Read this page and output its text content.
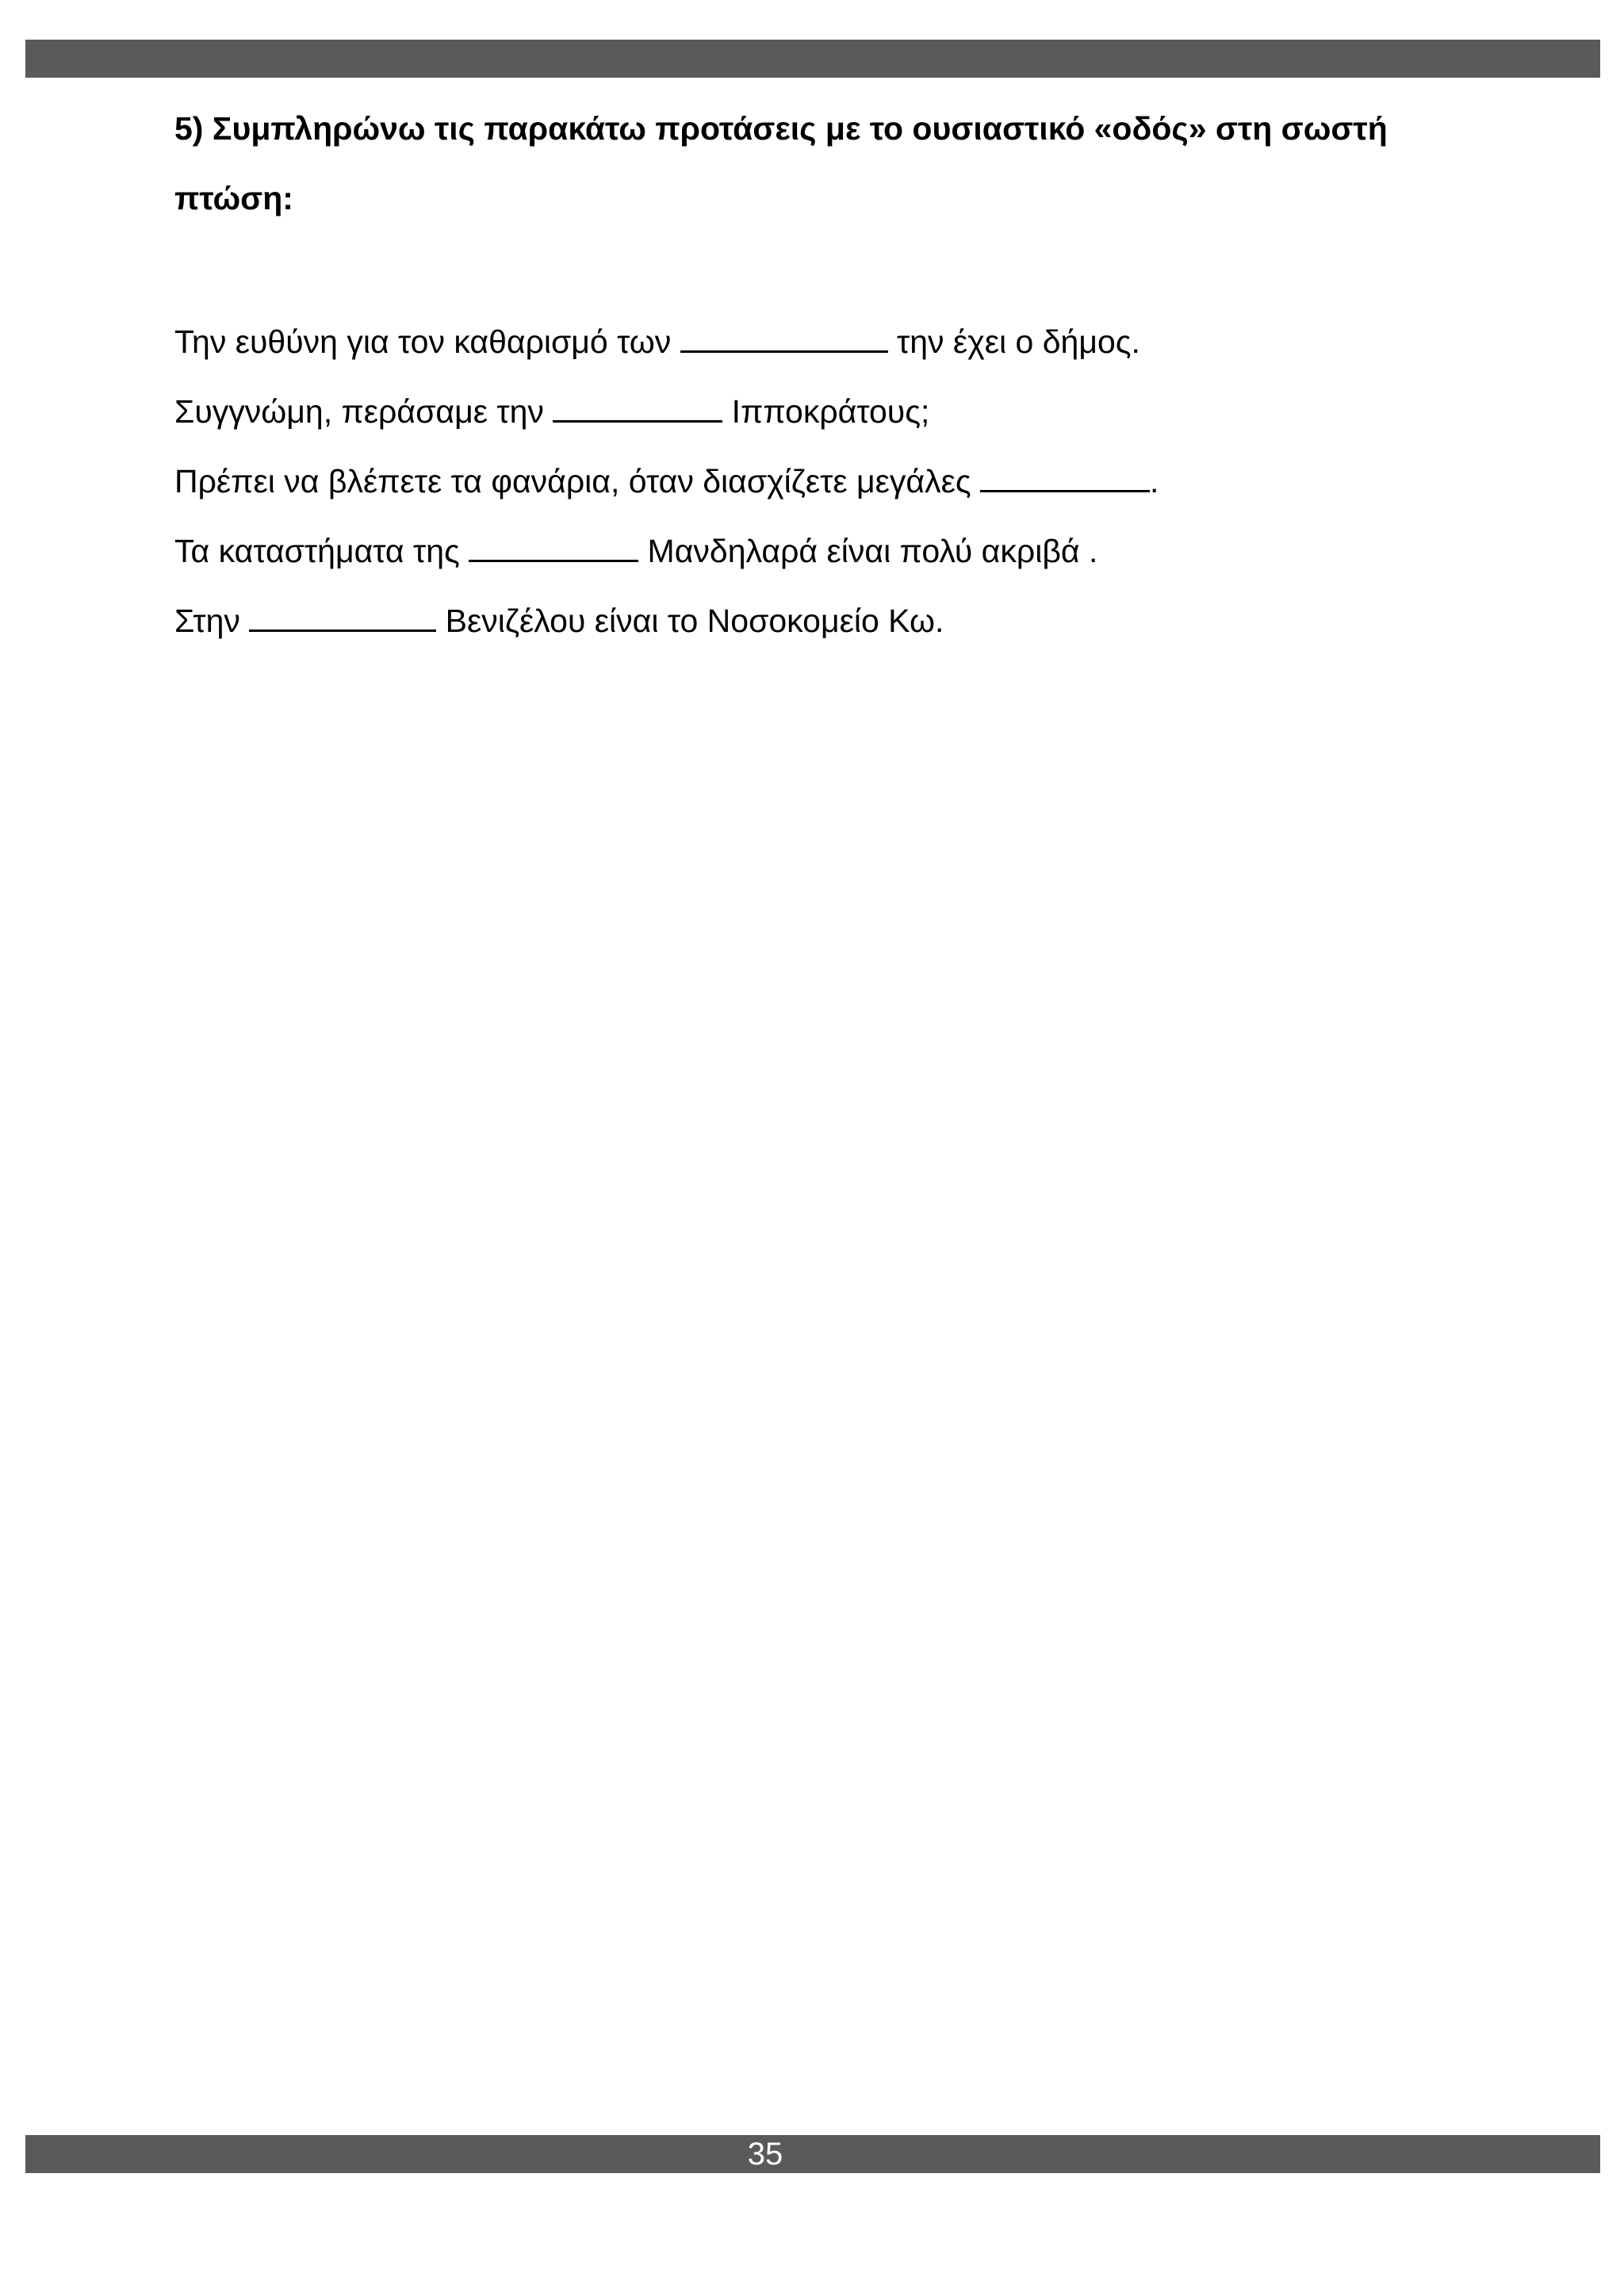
5) Συμπληρώνω τις παρακάτω προτάσεις με το ουσιαστικό «οδός» στη σωστή
πτώση:
Την ευθύνη για τον καθαρισμό των	την έχει ο δήμος.
Συγγνώμη, περάσαμε την	Ιπποκράτους;
Πρέπει να βλέπετε τα φανάρια, όταν διασχίζετε μεγάλες	.
Τα καταστήματα της	Μανδηλαρά είναι πολύ ακριβά .
Στην	Βενιζέλου είναι το Νοσοκομείο Κω.
35
